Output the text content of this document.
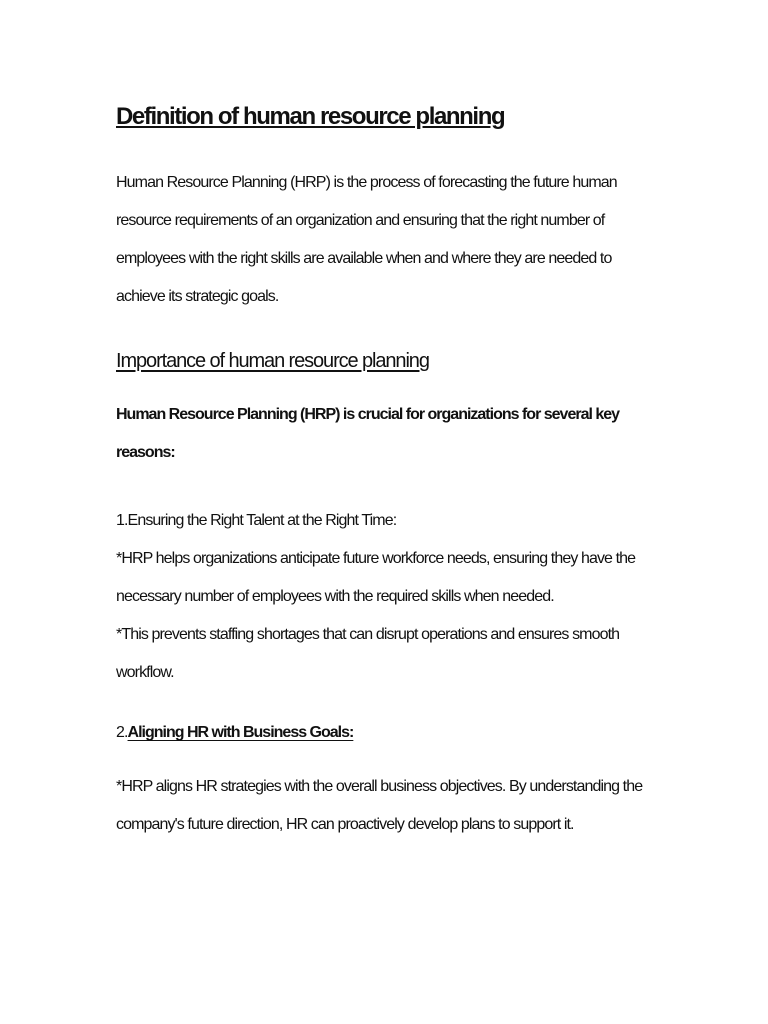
Definition of human resource planning

Human Resource Planning (HRP) is the process of forecasting the future human resource requirements of an organization and ensuring that the right number of employees with the right skills are available when and where they are needed to achieve its strategic goals.

Importance of human resource planning

Human Resource Planning (HRP) is crucial for organizations for several key reasons:

1.Ensuring the Right Talent at the Right Time:

*HRP helps organizations anticipate future workforce needs, ensuring they have the necessary number of employees with the required skills when needed.

*This prevents staffing shortages that can disrupt operations and ensures smooth workflow.

2.Aligning HR with Business Goals:

*HRP aligns HR strategies with the overall business objectives. By understanding the company's future direction, HR can proactively develop plans to support it.
